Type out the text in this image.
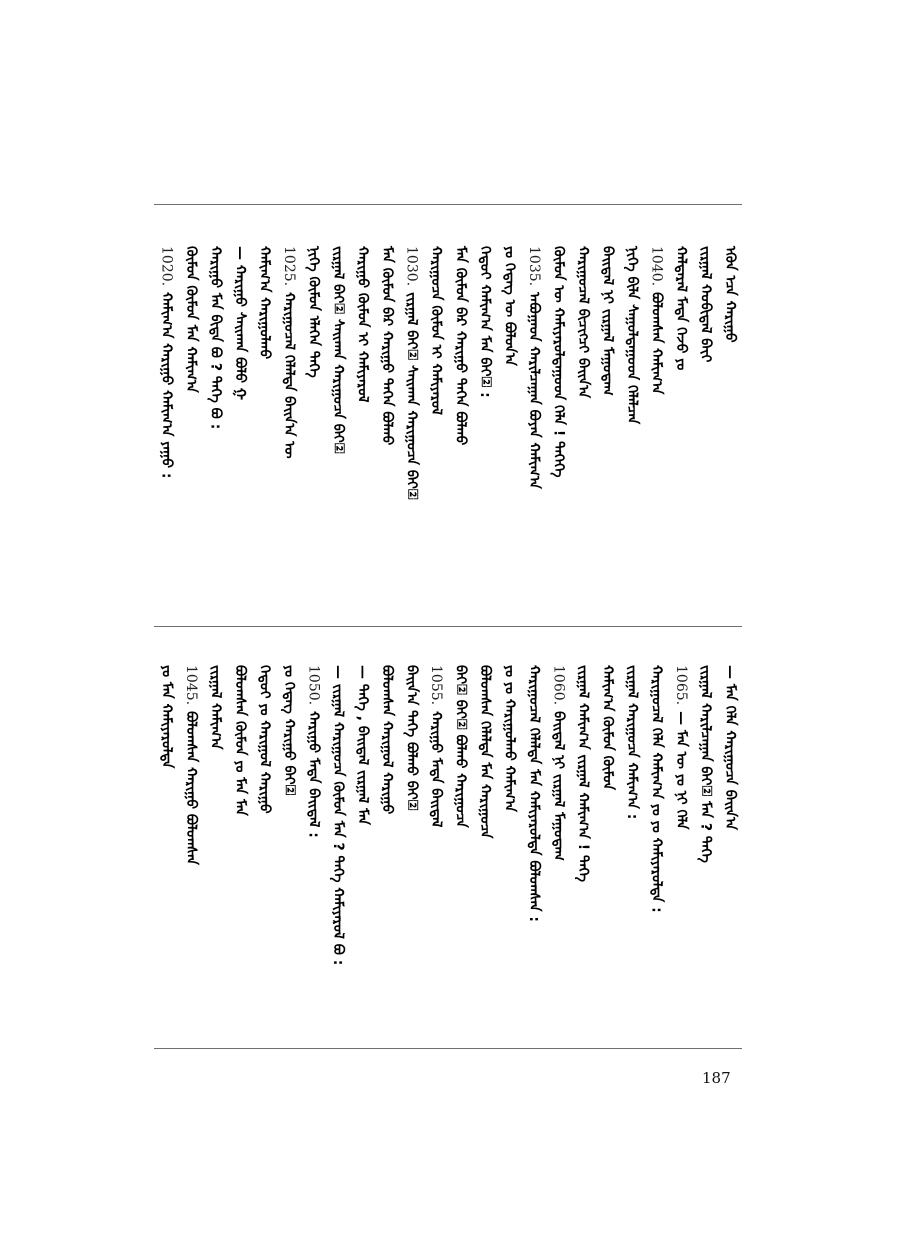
ᠡᠭᠦᠨ ᠡᠴᠡ ᠬᠠᠷᠢᠭᠤ
ᠵᠢᠷᠭᠠᠯ ᠬᠤᠪᠢᠳᠠᠯ ᠪᠠᠶ᠋ᠢ
ᠬᠠᠯᠲᠠᠷᠠᠯ ᠮᠡᠳᠡ ᠭᠡᠵᠦ ᠶᠤ
1040.ᠪᠣᠯᠣᠭᠰᠠᠨ ᠬᠠᠮᠢᠭ᠎ᠠ
ᠨᠢᠭᠡ ᠪᠢᠯᠡ ᠰᠠᠭᠤᠯᠲᠠᠭᠤᠳ ᠬᠡᠯᠡᠯᠴᠡᠨ
ᠪᠠᠢ᠌ᠳᠠᠯ ᠨᠢ ᠵᠢᠷᠭᠠᠯ ᠮᠠᠭᠤᠳᠠᠭ
ᠬᠠᠷᠢᠭᠤᠴᠠᠯ ᠪᠢᠴᠢᠭᠴᠢ ᠪᠠᠢ᠌ᠨ᠎ᠠ
ᠬᠦᠮᠦᠨ ᠦ ᠬᠠᠮᠢᠶᠠᠷᠤᠯᠲᠠᠭᠤᠳ ᠬᠡᠯᠡ ! ᠲᠡᠭᠡᠭᠡ
1035.ᠠᠪᠤᠭᠠᠳ ᠬᠠᠷᠢᠯᠴᠠᠭᠠᠨ ᠪᠤᠶᠠᠨ ᠬᠠᠮᠢᠭ᠎ᠠ
ᠶᠤ ᠭᠡᠳᠡᠭ ᠦ ᠪᠤᠯᠤᠨ᠎ᠠ
ᠬᠡᠳᠦᠢ ᠬᠠᠮᠢᠭ᠎ᠠ ᠮᠠᠨ ᠪᠠᠢ᠌ :
ᠮᠠᠨ ᠬᠦᠮᠦᠨ ᠪᠡᠷ ᠬᠠᠷᠢᠭᠤ ᠲᠡᠭᠡᠨ ᠪᠣᠯᠬᠤ
ᠬᠠᠷᠢᠭᠤᠴᠠ ᠬᠦᠮᠦᠨ ᠢ ᠬᠠᠮᠢᠶᠠᠷᠤᠯ
1030.ᠵᠢᠷᠭᠠᠯ ᠪᠠᠢ᠌ ᠰᠠᠢ᠌ᠬᠠᠨ ᠬᠠᠷᠢᠭᠤᠴᠠ ᠪᠠᠢ᠌
ᠮᠠᠨ ᠬᠦᠮᠦᠨ ᠪᠡᠷ ᠬᠠᠷᠢᠭᠤ ᠲᠡᠭᠡᠨ ᠪᠣᠯᠬᠤ
ᠬᠠᠷᠢᠭᠤ ᠬᠦᠮᠦᠨ ᠢ ᠬᠠᠮᠢᠶᠠᠷᠤᠯ
ᠵᠢᠷᠭᠠᠯ ᠪᠠᠢ᠌ ᠰᠠᠢ᠌ᠬᠠᠨ ᠬᠠᠷᠢᠭᠤᠴᠠ ᠪᠠᠢ᠌
ᠨᠢᠭᠡ ᠬᠦᠮᠦᠨ ᠡᠯᠡᠭᠡᠨ ᠲᠡᠭᠡ
1025.ᠬᠠᠷᠢᠭᠤᠴᠠᠯ ᠬᠡᠯᠡᠯᠲᠡ ᠪᠠᠢ᠌ᠨ᠎ᠠ ᠦ
ᠬᠠᠮᠢᠭ᠎ᠠ ᠬᠠᠷᠢᠭᠤᠯᠬᠤ
— ᠬᠠᠷᠢᠭᠤ ᠰᠠᠢ᠌ᠬᠠᠨ ᠪᠤᠯᠤ ᠭ
ᠬᠠᠷᠢᠭᠤ ᠮᠠᠨ ᠪᠢᠳᠡ ᠪᠣ ? ᠲᠡᠭᠡ ᠪᠣ :
ᠬᠦᠮᠦᠨ ᠬᠦᠮᠦᠨ ᠮᠠᠨ ᠬᠠᠮᠢᠭ᠎ᠠ
1020.ᠬᠠᠮᠢᠭ᠎ᠠ ᠬᠠᠷᠢᠭᠤ ᠬᠠᠮᠢᠭ᠎ᠠ ᠶᠠᠭᠤ :
— ᠮᠠᠨ ᠬᠡᠯᠡ ᠬᠠᠷᠢᠭᠤᠴᠠ ᠪᠠᠢ᠌ᠨ᠎ᠠ
ᠵᠢᠷᠭᠠᠯ ᠬᠠᠷᠢᠯᠴᠠᠭᠠᠨ ᠪᠠᠢ᠌ ᠮᠠᠨ ? ᠲᠡᠭᠡ
1065.— ᠮᠠᠨ ᠦ ᠶᠤ ᠨᠢ ᠬᠡᠯᠡ
ᠬᠠᠷᠢᠭᠤᠴᠠᠯ ᠬᠡᠯᠡ ᠬᠠᠮᠢᠭ᠎ᠠ ᠶᠤ ᠶᠤ ᠬᠠᠮᠢᠶᠠᠷᠤᠯᠲᠠ :
ᠵᠢᠷᠭᠠᠯ ᠬᠠᠷᠢᠭᠤᠴᠠ ᠬᠠᠮᠢᠭ᠎ᠠ :
ᠬᠠᠮᠢᠭ᠎ᠠ ᠬᠦᠮᠦᠨ ᠬᠦᠮᠦᠨ
ᠵᠢᠷᠭᠠᠯ ᠬᠠᠮᠢᠭ᠎ᠠ ᠵᠢᠷᠭᠠᠯ ᠬᠠᠮᠢᠭ᠎ᠠ ! ᠲᠡᠭᠡ
1060.ᠪᠠᠢ᠌ᠳᠠᠯ ᠨᠢ ᠵᠢᠷᠭᠠᠯ ᠮᠠᠭᠤᠳᠠᠭ
ᠬᠠᠷᠢᠭᠤᠴᠠᠯ ᠬᠡᠯᠡᠯᠲᠡ ᠮᠠᠨ ᠬᠠᠮᠢᠶᠠᠷᠤᠯᠲᠠ ᠪᠣᠯᠣᠭᠰᠠᠨ :
ᠶᠤ ᠶᠤ ᠬᠠᠷᠢᠭᠤᠯᠬᠤ ᠬᠠᠮᠢᠭ᠎ᠠ
ᠪᠣᠯᠣᠭᠰᠠᠨ ᠬᠡᠯᠡᠯᠲᠡ ᠮᠠᠨ ᠬᠠᠷᠢᠭᠤᠴᠠ
ᠪᠠᠢ᠌ ᠪᠠᠢ᠌ ᠪᠣᠯᠬᠤ ᠬᠠᠷᠢᠭᠤᠴᠠ
1055.ᠬᠠᠷᠢᠭᠤ ᠮᠡᠳᠡ ᠪᠠᠢ᠌ᠳᠠᠯ
ᠪᠠᠢ᠌ᠨ᠎ᠠ ᠲᠡᠭᠡ ᠪᠣᠯᠬᠤ ᠪᠠᠢ᠌
ᠪᠣᠯᠣᠭᠰᠠᠨ ᠬᠠᠷᠢᠭᠤᠯ ᠬᠠᠷᠢᠭᠤ
— ᠲᠡᠭᠡ , ᠪᠠᠢ᠌ᠳᠠᠯ ᠵᠢᠷᠭᠠᠯ ᠮᠠᠨ
— ᠵᠢᠷᠭᠠᠯ ᠬᠠᠷᠢᠭᠤᠴᠠ ᠬᠦᠮᠦᠨ ᠮᠠᠨ ? ᠲᠡᠭᠡ ᠬᠠᠮᠢᠶᠠᠷᠤᠯ ᠪᠣ :
1050.ᠬᠠᠷᠢᠭᠤ ᠮᠡᠳᠡ ᠪᠠᠢ᠌ᠳᠠᠯ :
ᠶᠤ ᠭᠡᠳᠡᠭ ᠬᠠᠷᠢᠭᠤ ᠪᠠᠢ᠌
ᠬᠡᠳᠦᠢ ᠶᠤ ᠬᠠᠷᠢᠭᠤᠯ ᠬᠠᠷᠢᠭᠤ
ᠪᠣᠯᠣᠭᠰᠠᠨ ᠬᠦᠮᠦᠨ ᠶᠤ ᠮᠠᠨ ᠮᠠᠨ
ᠵᠢᠷᠭᠠᠯ ᠬᠠᠮᠢᠭ᠎ᠠ
1045.ᠪᠣᠯᠣᠭᠰᠠᠨ ᠬᠠᠷᠢᠭᠤ ᠪᠣᠯᠣᠭᠰᠠᠨ
ᠶᠤ ᠮᠠᠨ ᠬᠠᠮᠢᠶᠠᠷᠤᠯᠲᠠ
187
